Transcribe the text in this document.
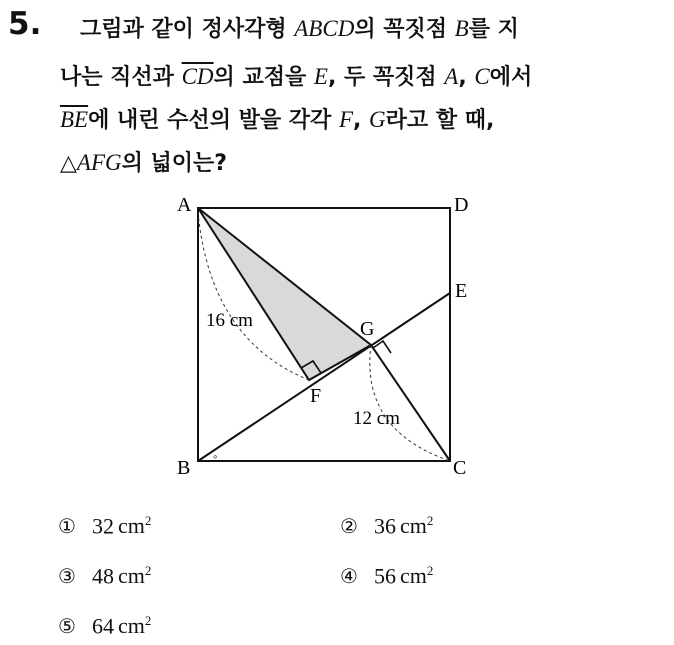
5. 그림과 같이 정사각형 ABCD의 꼭짓점 B를 지
나는 직선과 $\overline{CD}$의 교점을 E, 두 꼭짓점 A, C에서
$\overline{BE}$에 내린 수선의 발을 각각 F, G라고 할 때,
△AFG의 넓이는?
∘
A	D
E
G
F
B	C
16 cm
12 cm
① 32 $cm^2$	② 36 $cm^2$
③ 48 $cm^2$	④ 56 $cm^2$
⑤ 64 $cm^2$
